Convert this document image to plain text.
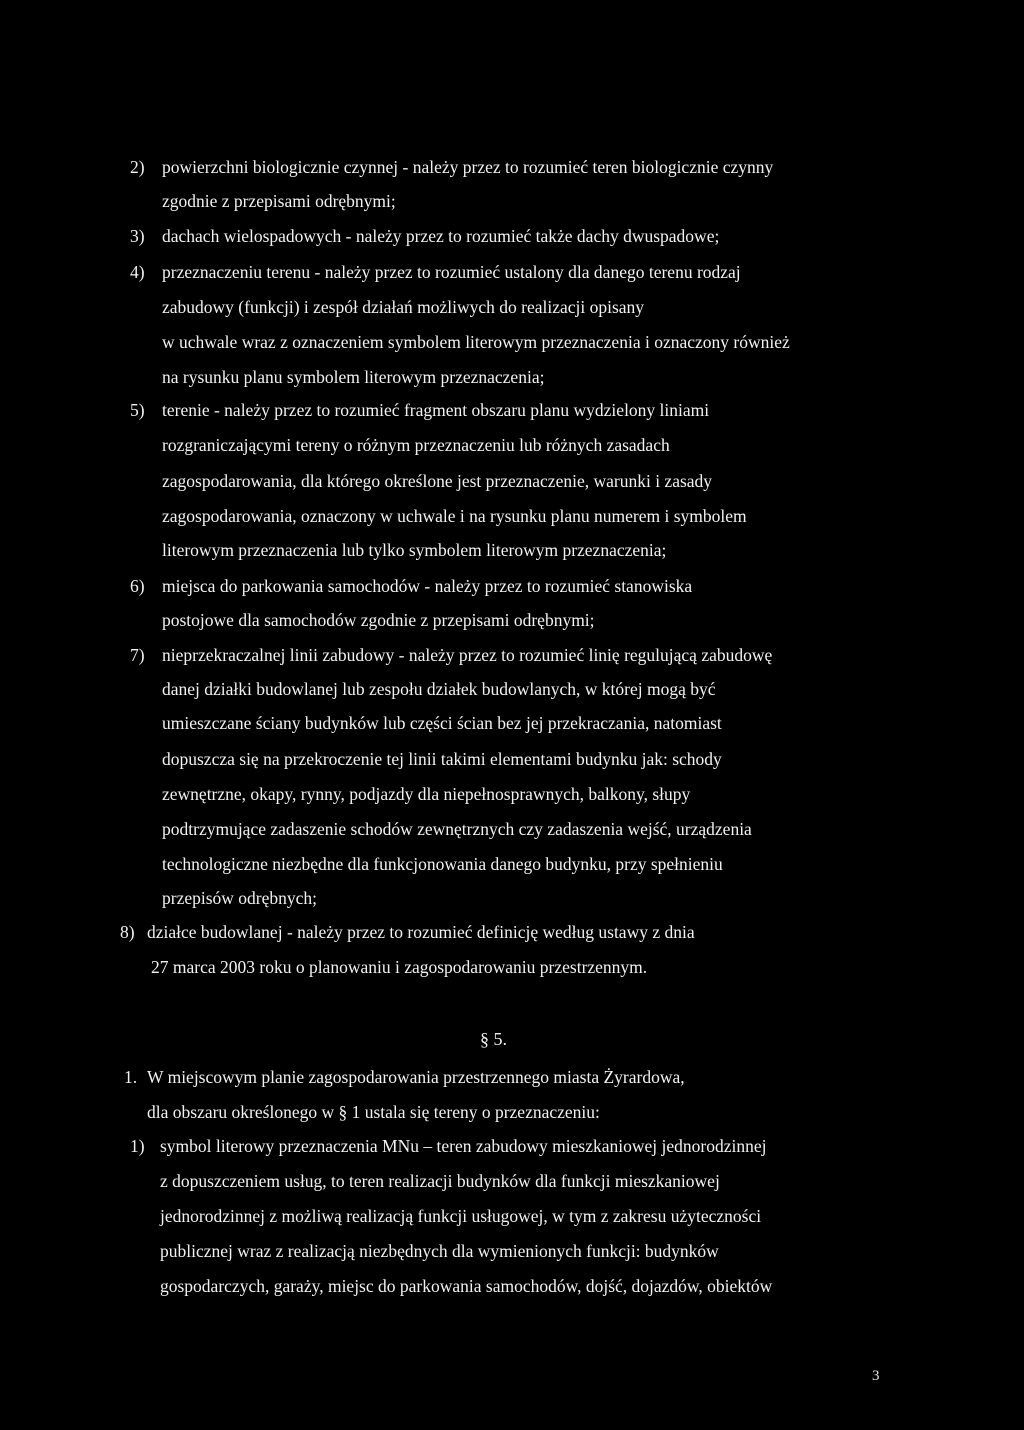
2) powierzchni biologicznie czynnej - należy przez to rozumieć teren biologicznie czynny
zgodnie z przepisami odrębnymi;
3) dachach wielospadowych - należy przez to rozumieć także dachy dwuspadowe;
4) przeznaczeniu terenu - należy przez to rozumieć ustalony dla danego terenu rodzaj
zabudowy (funkcji) i zespół działań możliwych do realizacji opisany
w uchwale wraz z oznaczeniem symbolem literowym przeznaczenia i oznaczony również
na rysunku planu symbolem literowym przeznaczenia;
5) terenie - należy przez to rozumieć fragment obszaru planu wydzielony liniami
rozgraniczającymi tereny o różnym przeznaczeniu lub różnych zasadach
zagospodarowania, dla którego określone jest przeznaczenie, warunki i zasady
zagospodarowania, oznaczony w uchwale i na rysunku planu numerem i symbolem
literowym przeznaczenia lub tylko symbolem literowym przeznaczenia;
6) miejsca do parkowania samochodów - należy przez to rozumieć stanowiska
postojowe dla samochodów zgodnie z przepisami odrębnymi;
7) nieprzekraczalnej linii zabudowy - należy przez to rozumieć linię regulującą zabudowę
danej działki budowlanej lub zespołu działek budowlanych, w której mogą być
umieszczane ściany budynków lub części ścian bez jej przekraczania, natomiast
dopuszcza się na przekroczenie tej linii takimi elementami budynku jak: schody
zewnętrzne, okapy, rynny, podjazdy dla niepełnosprawnych, balkony, słupy
podtrzymujące zadaszenie schodów zewnętrznych czy zadaszenia wejść, urządzenia
technologiczne niezbędne dla funkcjonowania danego budynku, przy spełnieniu
przepisów odrębnych;
8) działce budowlanej - należy przez to rozumieć definicję według ustawy z dnia
27 marca 2003 roku o planowaniu i zagospodarowaniu przestrzennym.
§ 5.
1. W miejscowym planie zagospodarowania przestrzennego miasta Żyrardowa,
dla obszaru określonego w § 1 ustala się tereny o przeznaczeniu:
1) symbol literowy przeznaczenia MNu – teren zabudowy mieszkaniowej jednorodzinnej
z dopuszczeniem usług, to teren realizacji budynków dla funkcji mieszkaniowej
jednorodzinnej z możliwą realizacją funkcji usługowej, w tym z zakresu użyteczności
publicznej wraz z realizacją niezbędnych dla wymienionych funkcji: budynków
gospodarczych, garaży, miejsc do parkowania samochodów, dojść, dojazdów, obiektów
3
